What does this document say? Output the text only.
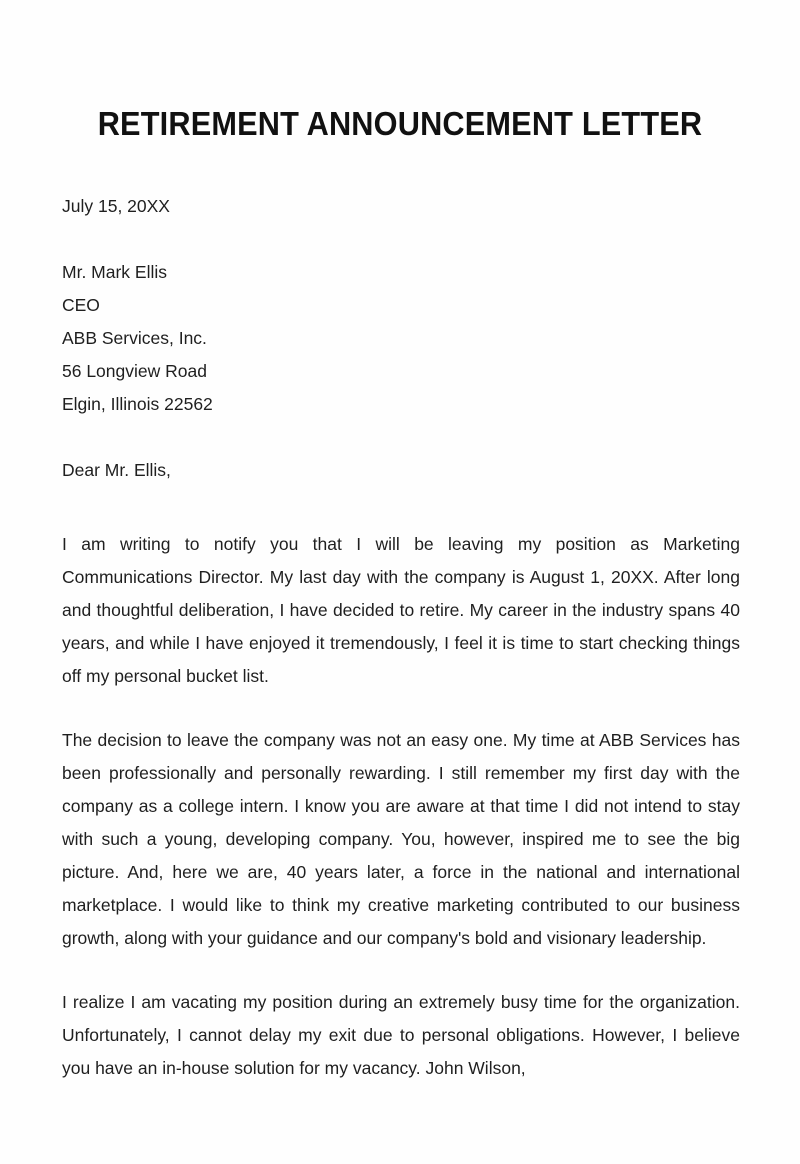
RETIREMENT ANNOUNCEMENT LETTER
July 15, 20XX
Mr. Mark Ellis
CEO
ABB Services, Inc.
56 Longview Road
Elgin, Illinois 22562
Dear Mr. Ellis,

I am writing to notify you that I will be leaving my position as Marketing Communications Director. My last day with the company is August 1, 20XX. After long and thoughtful deliberation, I have decided to retire. My career in the industry spans 40 years, and while I have enjoyed it tremendously, I feel it is time to start checking things off my personal bucket list.

The decision to leave the company was not an easy one. My time at ABB Services has been professionally and personally rewarding. I still remember my first day with the company as a college intern. I know you are aware at that time I did not intend to stay with such a young, developing company. You, however, inspired me to see the big picture. And, here we are, 40 years later, a force in the national and international marketplace. I would like to think my creative marketing contributed to our business growth, along with your guidance and our company's bold and visionary leadership.

I realize I am vacating my position during an extremely busy time for the organization. Unfortunately, I cannot delay my exit due to personal obligations. However, I believe you have an in-house solution for my vacancy. John Wilson,
